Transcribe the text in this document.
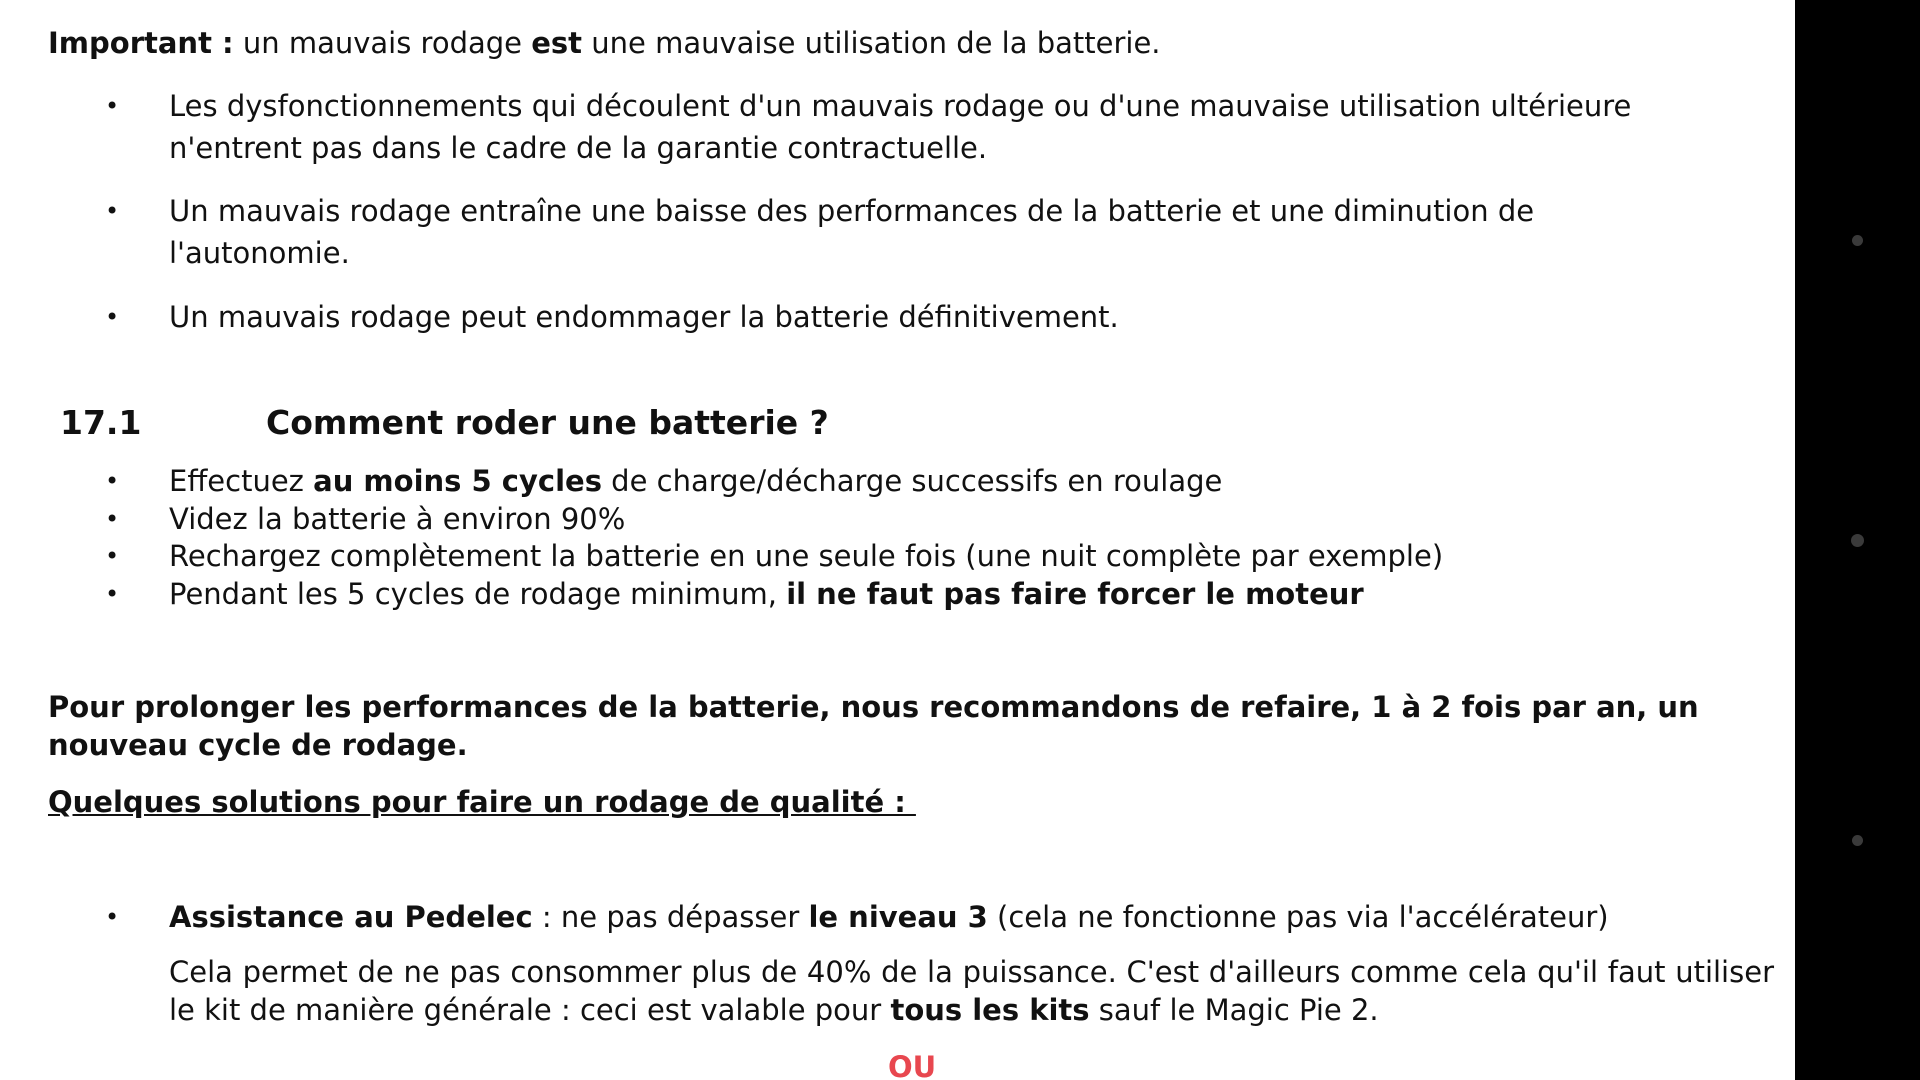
Important : un mauvais rodage est une mauvaise utilisation de la batterie.

• Les dysfonctionnements qui découlent d'un mauvais rodage ou d'une mauvaise utilisation ultérieure

n'entrent pas dans le cadre de la garantie contractuelle.

• Un mauvais rodage entraîne une baisse des performances de la batterie et une diminution de

l'autonomie.

• Un mauvais rodage peut endommager la batterie définitivement.

17.1	Comment roder une batterie ?
• Effectuez au moins 5 cycles de charge/décharge successifs en roulage

• Videz la batterie à environ 90%

• Rechargez complètement la batterie en une seule fois (une nuit complète par exemple)

• Pendant les 5 cycles de rodage minimum, il ne faut pas faire forcer le moteur

Pour prolonger les performances de la batterie, nous recommandons de refaire, 1 à 2 fois par an, un nouveau cycle de rodage.

Quelques solutions pour faire un rodage de qualité :

• Assistance au Pedelec : ne pas dépasser le niveau 3 (cela ne fonctionne pas via l'accélérateur)

Cela permet de ne pas consommer plus de 40% de la puissance. C'est d'ailleurs comme cela qu'il faut utiliser le kit de manière générale : ceci est valable pour tous les kits sauf le Magic Pie 2.

OU
